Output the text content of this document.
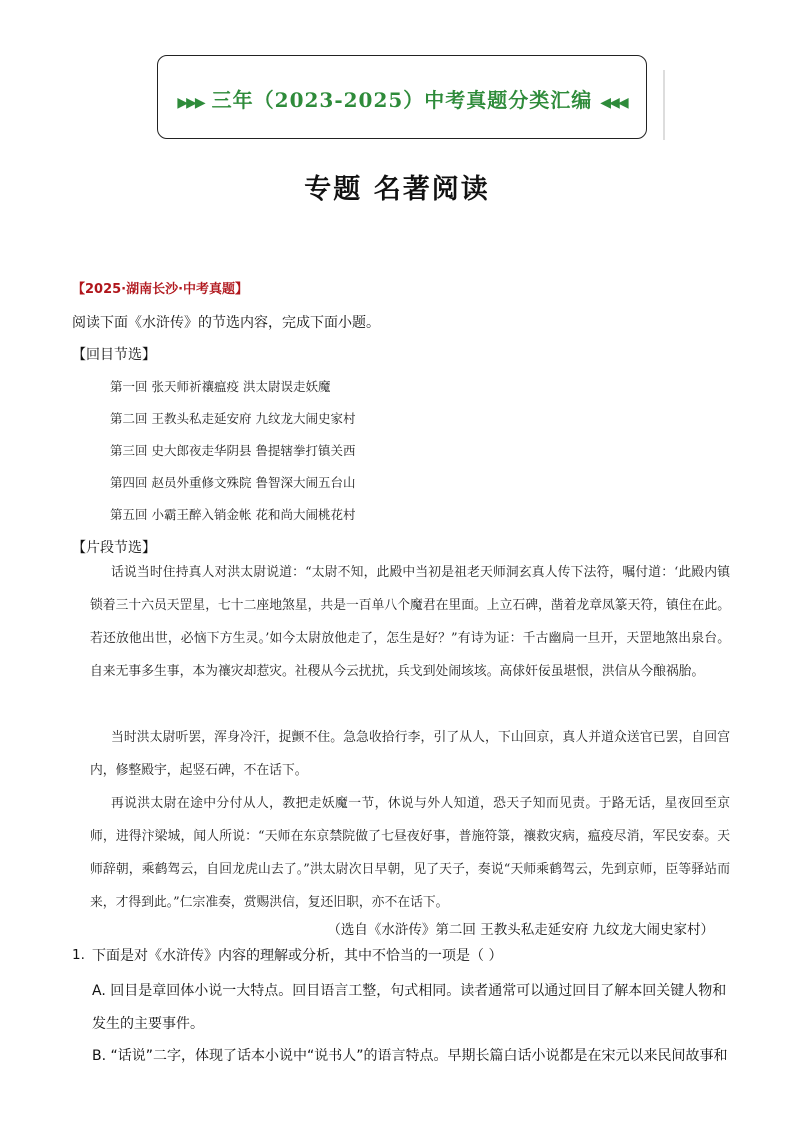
▶▶▶ 三年（2023-2025）中考真题分类汇编 ◀◀◀
专题 名著阅读
【2025·湖南长沙·中考真题】
阅读下面《水浒传》的节选内容，完成下面小题。
【回目节选】
第一回 张天师祈禳瘟疫 洪太尉误走妖魔
第二回 王教头私走延安府 九纹龙大闹史家村
第三回 史大郎夜走华阴县 鲁提辖拳打镇关西
第四回 赵员外重修文殊院 鲁智深大闹五台山
第五回 小霸王醉入销金帐 花和尚大闹桃花村
【片段节选】
话说当时住持真人对洪太尉说道：“太尉不知，此殿中当初是祖老天师洞玄真人传下法符，嘱付道：‘此殿内镇锁着三十六员天罡星，七十二座地煞星，共是一百单八个魔君在里面。上立石碑，凿着龙章凤篆天符，镇住在此。若还放他出世，必恼下方生灵。’如今太尉放他走了，怎生是好？”有诗为证：千古幽扃一旦开，天罡地煞出泉台。自来无事多生事，本为禳灾却惹灾。社稷从今云扰扰，兵戈到处闹垓垓。高俅奸佞虽堪恨，洪信从今酿祸胎。
当时洪太尉听罢，浑身冷汗，捉颤不住。急急收拾行李，引了从人，下山回京，真人并道众送官已罢，自回宫内，修整殿宇，起竖石碑，不在话下。
再说洪太尉在途中分付从人，教把走妖魔一节，休说与外人知道，恐天子知而见责。于路无话，星夜回至京师，进得汴梁城，闻人所说：“天师在东京禁院做了七昼夜好事，普施符箓，禳救灾病，瘟疫尽消，军民安泰。天师辞朝，乘鹤驾云，自回龙虎山去了。”洪太尉次日早朝，见了天子，奏说“天师乘鹤驾云，先到京师，臣等驿站而来，才得到此。”仁宗准奏，赏赐洪信，复还旧职，亦不在话下。
（选自《水浒传》第二回 王教头私走延安府 九纹龙大闹史家村）
1. 下面是对《水浒传》内容的理解或分析，其中不恰当的一项是（ ）
A. 回目是章回体小说一大特点。回目语言工整，句式相同。读者通常可以通过回目了解本回关键人物和发生的主要事件。
B. “话说”二字，体现了话本小说中“说书人”的语言特点。早期长篇白话小说都是在宋元以来民间故事和
